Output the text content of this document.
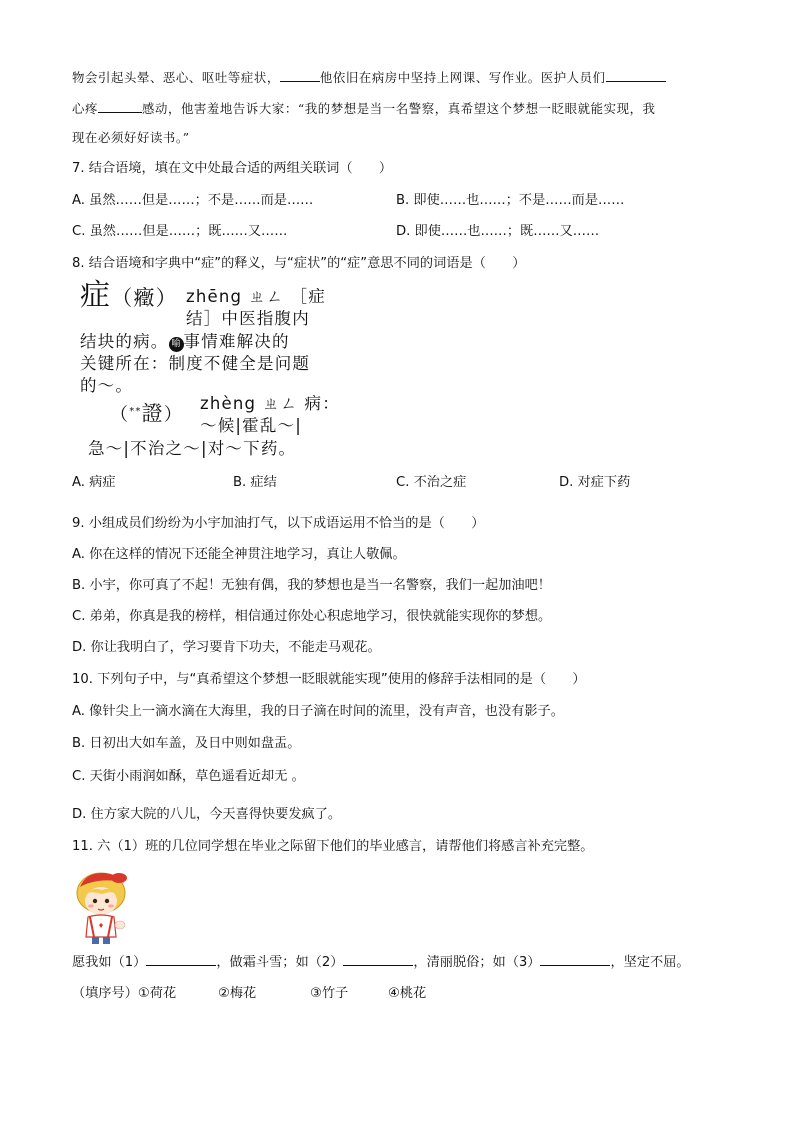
物会引起头晕、恶心、呕吐等症状，	他依旧在病房中坚持上网课、写作业。医护人员们
心疼	感动，他害羞地告诉大家：“我的梦想是当一名警察，真希望这个梦想一眨眼就能实现，我
现在必须好好读书。”
7. 结合语境，填在文中处最合适的两组关联词（　　）
A. 虽然……但是……；不是……而是……	B. 即使……也……；不是……而是……
C. 虽然……但是……；既……又……	D. 即使……也……；既……又……
8. 结合语境和字典中“症”的释义，与“症状”的“症”意思不同的词语是（　　）
症（癥） zhēng ㄓㄥ ［症
结］中医指腹内
结块的病。 喻 事情难解决的
关键所在：制度不健全是问题
的～。
（**證）
zhèng ㄓㄥ 病：
～候|霍乱～|
急～|不治之～|对～下药。
A. 病症	B. 症结	C. 不治之症	D. 对症下药
9. 小组成员们纷纷为小宇加油打气，以下成语运用不恰当的是（　　）
A. 你在这样的情况下还能全神贯注地学习，真让人敬佩。
B. 小宇，你可真了不起！无独有偶，我的梦想也是当一名警察，我们一起加油吧！
C. 弟弟，你真是我的榜样，相信通过你处心积虑地学习，很快就能实现你的梦想。
D. 你让我明白了，学习要肯下功夫，不能走马观花。
10. 下列句子中，与“真希望这个梦想一眨眼就能实现”使用的修辞手法相同的是（　　）
A. 像针尖上一滴水滴在大海里，我的日子滴在时间的流里，没有声音，也没有影子。
B. 日初出大如车盖，及日中则如盘盂。
C. 天街小雨润如酥，草色遥看近却无 。
D. 住方家大院的八儿，今天喜得快要发疯了。
11. 六（1）班的几位同学想在毕业之际留下他们的毕业感言，请帮他们将感言补充完整。
愿我如（1）	，做霜斗雪；如（2）	，清丽脱俗；如（3）	，坚定不屈。
（填序号）①荷花	②梅花	③竹子	④桃花
